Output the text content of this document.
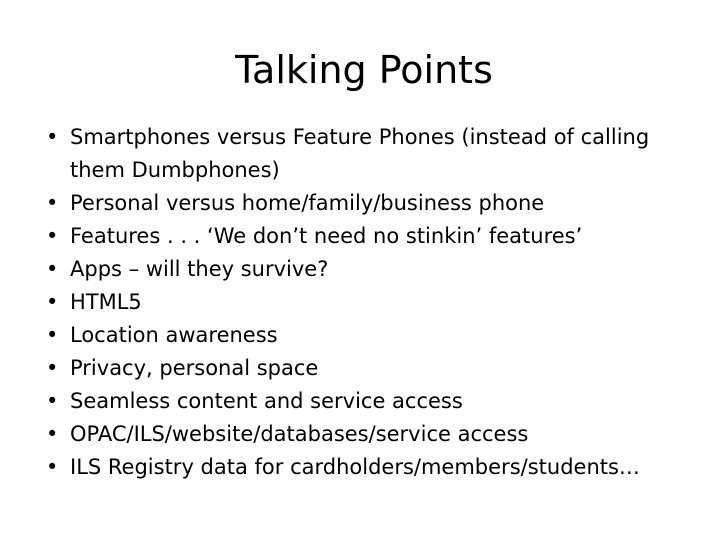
Talking Points
• Smartphones versus Feature Phones (instead of calling them Dumbphones)
• Personal versus home/family/business phone
• Features . . . ‘We don’t need no stinkin’ features’
• Apps – will they survive?
• HTML5
• Location awareness
• Privacy, personal space
• Seamless content and service access
• OPAC/ILS/website/databases/service access
• ILS Registry data for cardholders/members/students…
